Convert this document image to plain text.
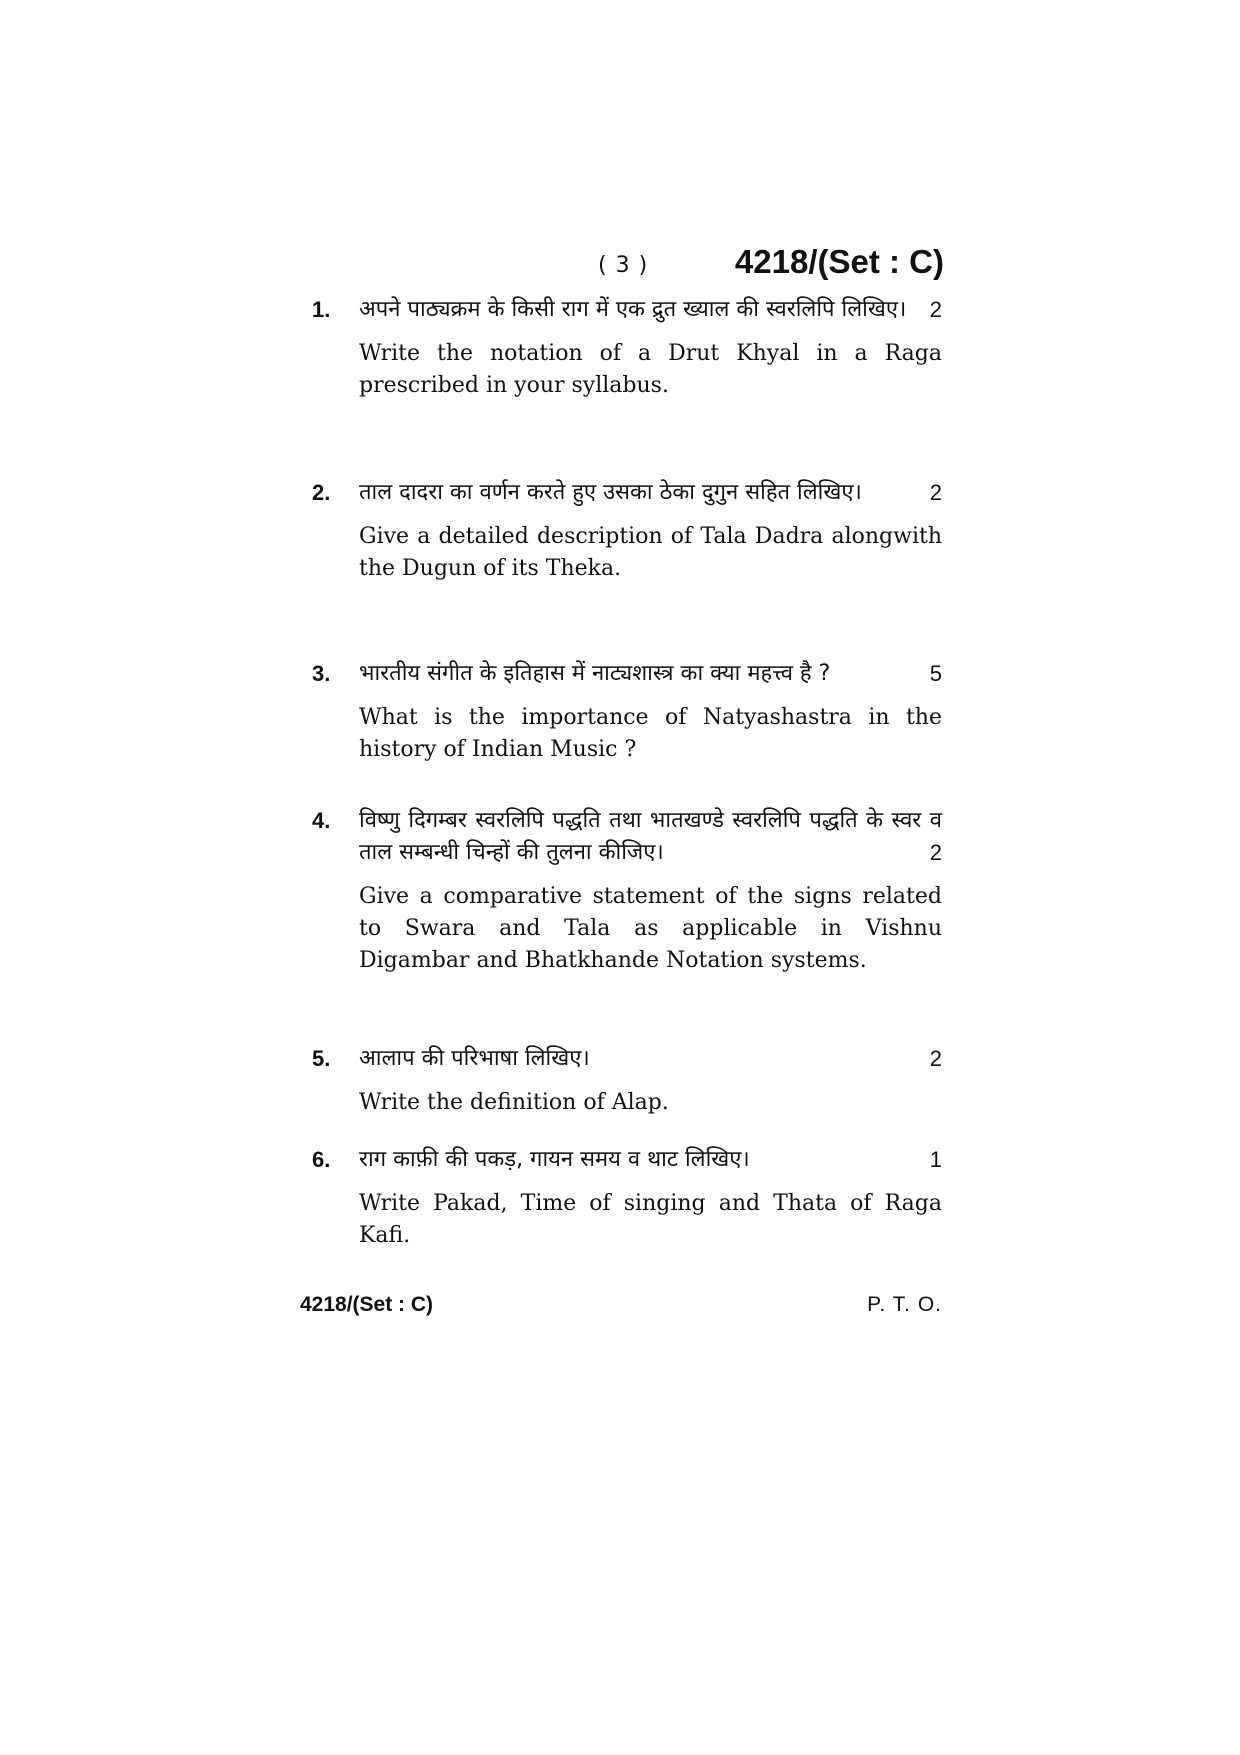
( 3 )	4218/(Set : C)
1. अपने पाठ्यक्रम के किसी राग में एक द्रुत ख्याल की स्वरलिपि लिखिए। 2
Write the notation of a Drut Khyal in a Raga prescribed in your syllabus.
2. ताल दादरा का वर्णन करते हुए उसका ठेका दुगुन सहित लिखिए।	2
Give a detailed description of Tala Dadra alongwith the Dugun of its Theka.
3. भारतीय संगीत के इतिहास में नाट्यशास्त्र का क्या महत्त्व है ?	5
What is the importance of Natyashastra in the history of Indian Music ?
4. विष्णु दिगम्बर स्वरलिपि पद्धति तथा भातखण्डे स्वरलिपि पद्धति के स्वर व ताल सम्बन्धी चिन्हों की तुलना कीजिए।	2
Give a comparative statement of the signs related to Swara and Tala as applicable in Vishnu Digambar and Bhatkhande Notation systems.
5. आलाप की परिभाषा लिखिए।	2
Write the definition of Alap.
6. राग काफ़ी की पकड़, गायन समय व थाट लिखिए।	1
Write Pakad, Time of singing and Thata of Raga Kafi.
4218/(Set : C)	P. T. O.
